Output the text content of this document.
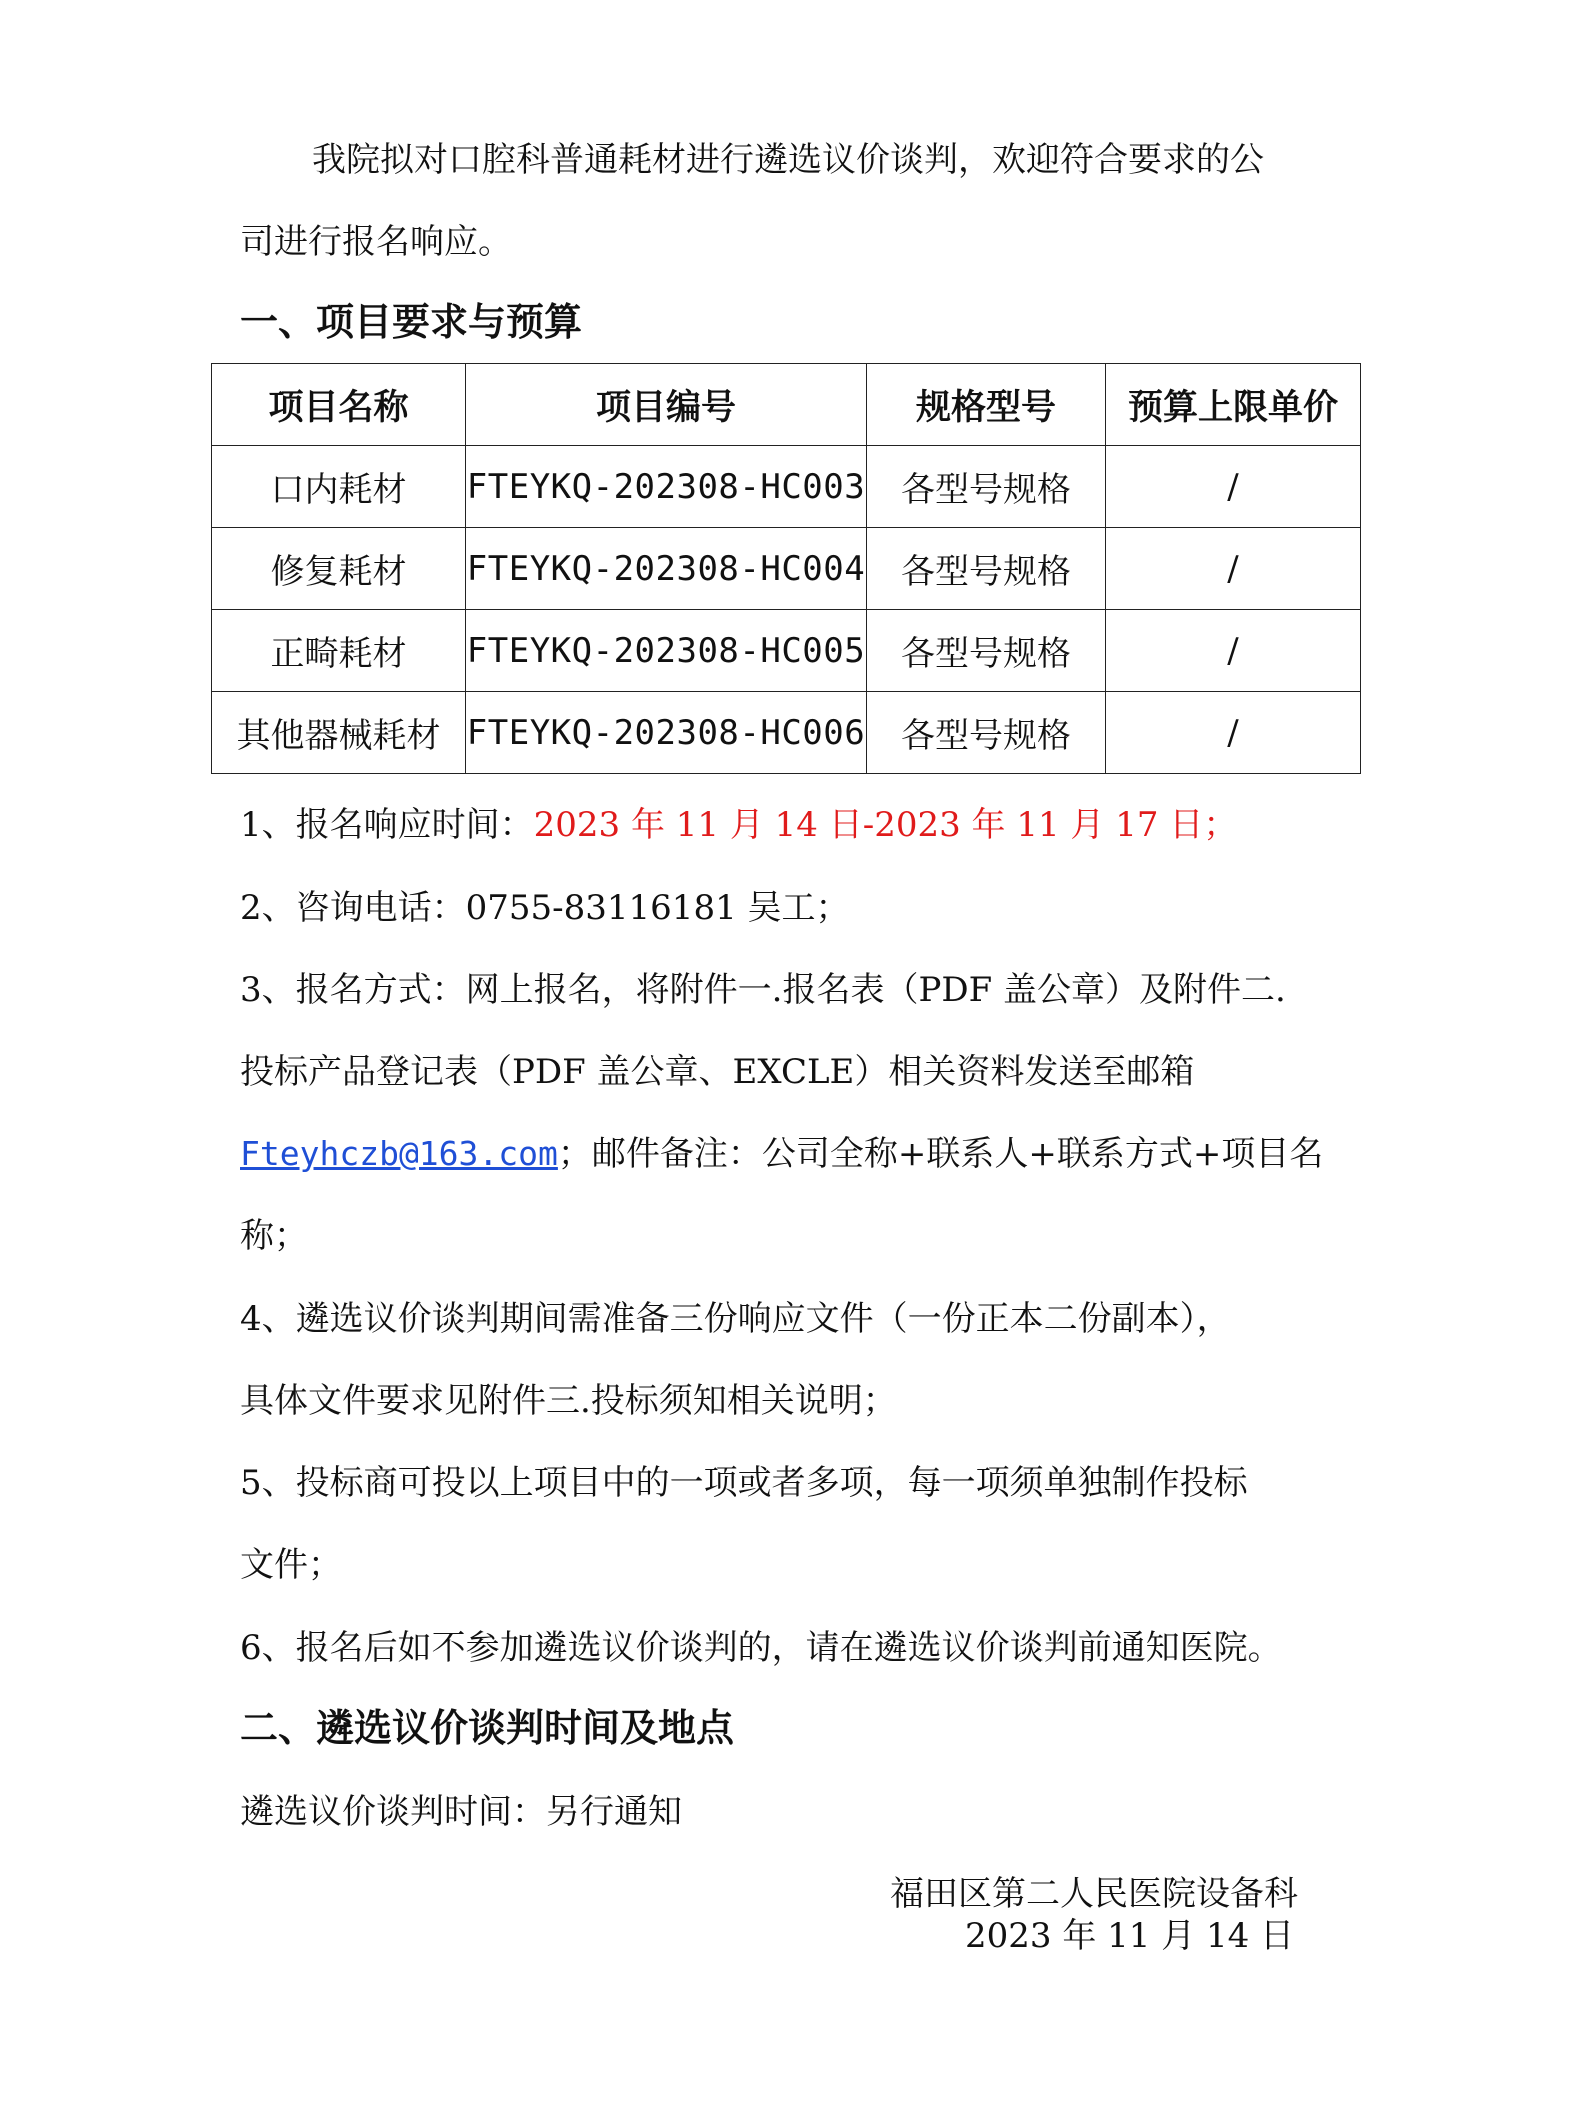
我院拟对口腔科普通耗材进行遴选议价谈判，欢迎符合要求的公
司进行报名响应。
一、项目要求与预算
项目名称	项目编号	规格型号	预算上限单价
口内耗材	FTEYKQ-202308-HC003	各型号规格	/
修复耗材	FTEYKQ-202308-HC004	各型号规格	/
正畸耗材	FTEYKQ-202308-HC005	各型号规格	/
其他器械耗材	FTEYKQ-202308-HC006	各型号规格	/
1、报名响应时间：2023 年 11 月 14 日-2023 年 11 月 17 日；
2、咨询电话：0755-83116181 吴工；
3、报名方式：网上报名，将附件一.报名表（PDF 盖公章）及附件二.
投标产品登记表（PDF 盖公章、EXCLE）相关资料发送至邮箱
Fteyhczb@163.com；邮件备注：公司全称+联系人+联系方式+项目名
称；
4、遴选议价谈判期间需准备三份响应文件（一份正本二份副本），
具体文件要求见附件三.投标须知相关说明；
5、投标商可投以上项目中的一项或者多项，每一项须单独制作投标
文件；
6、报名后如不参加遴选议价谈判的，请在遴选议价谈判前通知医院。
二、遴选议价谈判时间及地点
遴选议价谈判时间：另行通知
福田区第二人民医院设备科
2023 年 11 月 14 日
